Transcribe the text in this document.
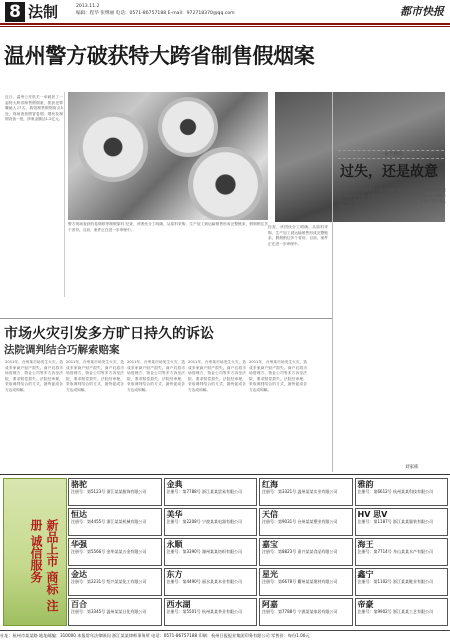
8 法制	2013.11.2
编辑：程华 张继丽 电话：0571-86757188 E-mail：972718370@qq.com	都市快报
温州警方破获特大跨省制售假烟案
近日，温州公安机关一举破获了一起特大跨省制售假烟案，抓获犯罪嫌疑人17名，捣毁制售假烟窝点5处，现场查获假冒卷烟、烟丝及制烟设备一批，涉案金额达1.2亿元。
警方现场查获的卷烟纸等制假原料 经查，该团伙分工明确，从原料采购、生产加工到运输销售形成完整链条，假烟销往多个省份。目前，案件正在进一步审理中。
经查，该团伙分工明确，从原料采购、生产加工到运输销售形成完整链条，假烟销往多个省份。目前，案件正在进一步审理中。
一论者观点
过失，还是故意
2012年4月，某某发生一起车辆撞人事故。对于肇事者的行为究竟是过失还是故意，引发了社会广泛讨论。法律界人士认为，判断行为人的主观心态，应综合案件全部证据进行认定，不能仅凭行为人的供述。
刘家栋
市场火灾引发多方旷日持久的诉讼
法院调判结合巧解索赔案
2011年，台州某市场发生火灾，造成多家商户财产损失。商户们将市场管理方、物业公司等多方诉至法院，要求赔偿损失。法院经审理，采取调判结合的方式，最终促成各方达成和解。
2011年，台州某市场发生火灾，造成多家商户财产损失。商户们将市场管理方、物业公司等多方诉至法院，要求赔偿损失。法院经审理，采取调判结合的方式，最终促成各方达成和解。
2011年，台州某市场发生火灾，造成多家商户财产损失。商户们将市场管理方、物业公司等多方诉至法院，要求赔偿损失。法院经审理，采取调判结合的方式，最终促成各方达成和解。
2011年，台州某市场发生火灾，造成多家商户财产损失。商户们将市场管理方、物业公司等多方诉至法院，要求赔偿损失。法院经审理，采取调判结合的方式，最终促成各方达成和解。
2011年，台州某市场发生火灾，造成多家商户财产损失。商户们将市场管理方、物业公司等多方诉至法院，要求赔偿损失。法院经审理，采取调判结合的方式，最终促成各方达成和解。
新品上市 商标 注册 诚信服务
骆驼
注册号：第5123号 浙江某某服饰有限公司
金典
注册号：第7788号 浙江某某贸易有限公司
红海
注册号：第3321号 温州某某实业有限公司
雅韵
注册号：第6612号 杭州某某科技有限公司
恒达
注册号：第4455号 浙江某某机械有限公司
美华
注册号：第2208号 宁波某某电器有限公司
天信
注册号：第9031号 台州某某塑业有限公司
HV 思V
注册号：第1187号 浙江某某服装有限公司
华强
注册号：第5566号 金华某某五金有限公司
永顺
注册号：第3390号 湖州某某纺织有限公司
嘉宝
注册号：第8823号 嘉兴某某食品有限公司
海王
注册号：第7714号 舟山某某水产有限公司
金达
注册号：第2231号 绍兴某某化工有限公司
东方
注册号：第4490号 丽水某某木业有限公司
星光
注册号：第6678号 衢州某某建材有限公司
鑫宁
注册号：第1102号 浙江某某鞋业有限公司
百合
注册号：第3345号 温州某某日化有限公司
西水湖
注册号：第5501号 杭州某某茶业有限公司
阿嘉
注册号：第7788号 宁波某某家居有限公司
帝豪
注册号：第9902号 浙江某某工艺有限公司
社址：杭州市某某路 地址邮编：310000 本报常年法律顾问 浙江某某律师事务所 电话：0571-86757188 印刷：杭州日报报业集团印务有限公司 零售价：每份1.00元
